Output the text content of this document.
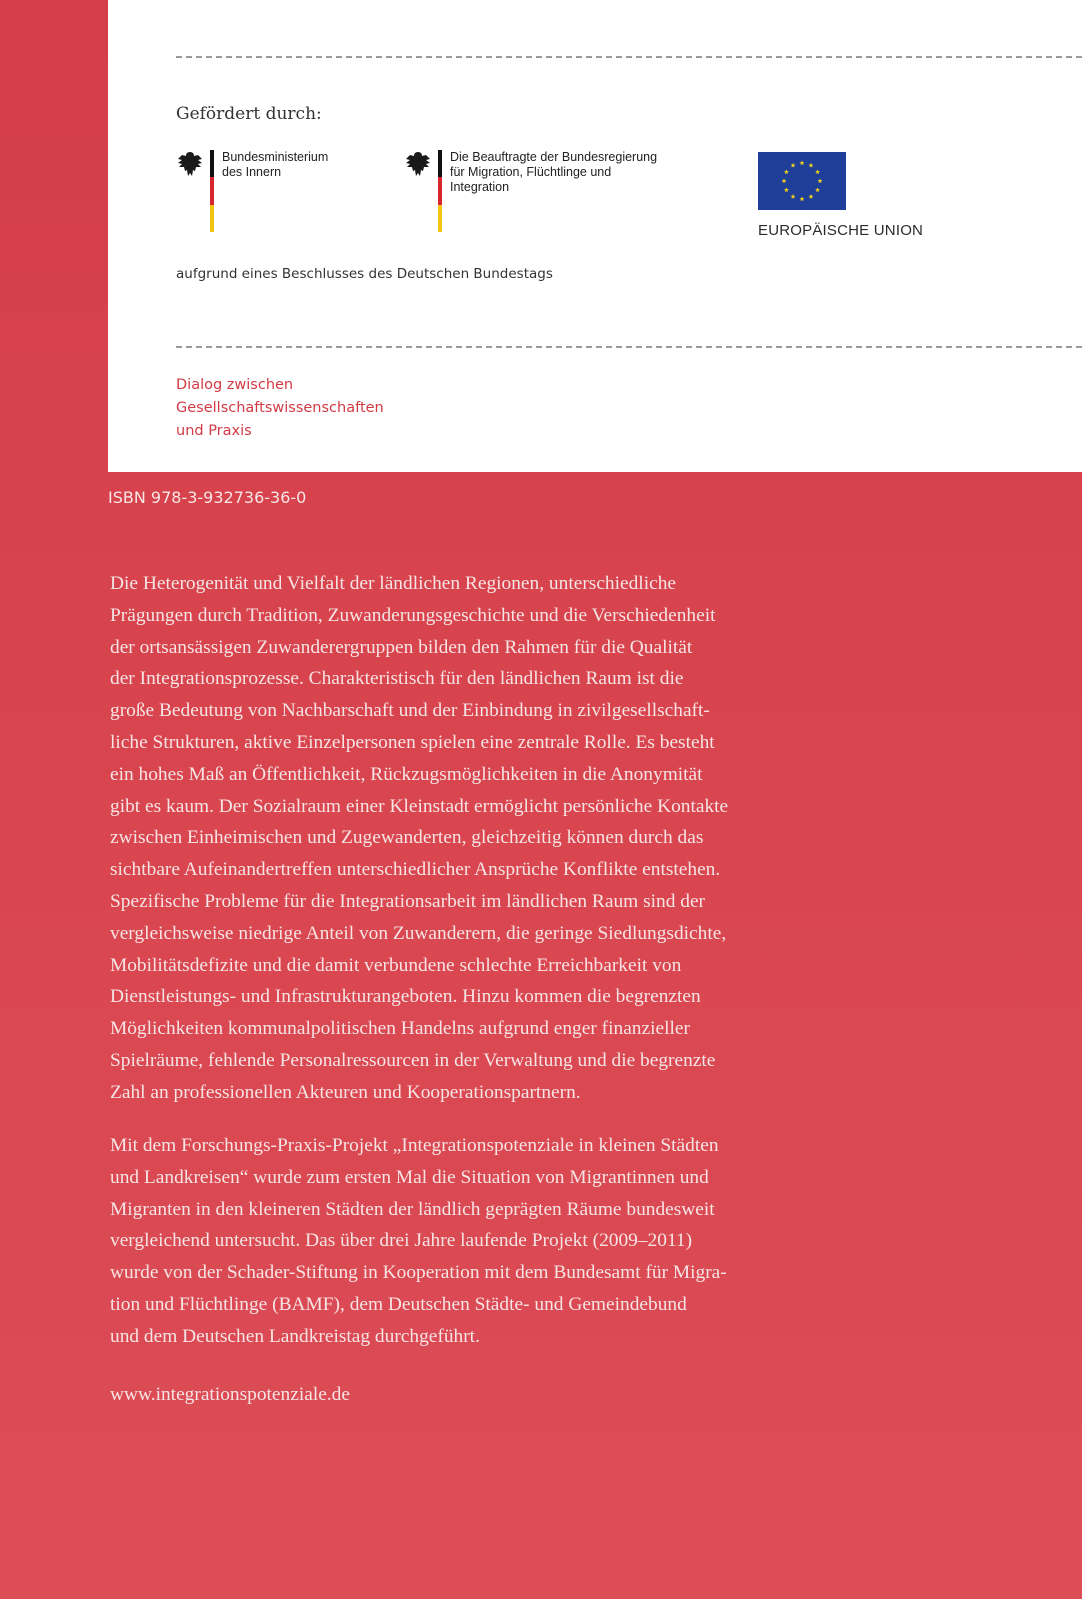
Gefördert durch:
Bundesministerium
des Innern
Die Beauftragte der Bundesregierung
für Migration, Flüchtlinge und
Integration
EUROPÄISCHE UNION
aufgrund eines Beschlusses des Deutschen Bundestags
Dialog zwischen
Gesellschaftswissenschaften
und Praxis
ISBN 978-3-932736-36-0

Die Heterogenität und Vielfalt der ländlichen Regionen, unterschiedliche
Prägungen durch Tradition, Zuwanderungsgeschichte und die Verschiedenheit
der ortsansässigen Zuwanderergruppen bilden den Rahmen für die Qualität
der Integrationsprozesse. Charakteristisch für den ländlichen Raum ist die
große Bedeutung von Nachbarschaft und der Einbindung in zivilgesellschaft-
liche Strukturen, aktive Einzelpersonen spielen eine zentrale Rolle. Es besteht
ein hohes Maß an Öffentlichkeit, Rückzugsmöglichkeiten in die Anonymität
gibt es kaum. Der Sozialraum einer Kleinstadt ermöglicht persönliche Kontakte
zwischen Einheimischen und Zugewanderten, gleichzeitig können durch das
sichtbare Aufeinandertreffen unterschiedlicher Ansprüche Konflikte entstehen.
Spezifische Probleme für die Integrationsarbeit im ländlichen Raum sind der
vergleichsweise niedrige Anteil von Zuwanderern, die geringe Siedlungsdichte,
Mobilitätsdefizite und die damit verbundene schlechte Erreichbarkeit von
Dienstleistungs- und Infrastrukturangeboten. Hinzu kommen die begrenzten
Möglichkeiten kommunalpolitischen Handelns aufgrund enger finanzieller
Spielräume, fehlende Personalressourcen in der Verwaltung und die begrenzte
Zahl an professionellen Akteuren und Kooperationspartnern.

Mit dem Forschungs-Praxis-Projekt „Integrationspotenziale in kleinen Städten
und Landkreisen“ wurde zum ersten Mal die Situation von Migrantinnen und
Migranten in den kleineren Städten der ländlich geprägten Räume bundesweit
vergleichend untersucht. Das über drei Jahre laufende Projekt (2009–2011)
wurde von der Schader-Stiftung in Kooperation mit dem Bundesamt für Migra-
tion und Flüchtlinge (BAMF), dem Deutschen Städte- und Gemeindebund
und dem Deutschen Landkreistag durchgeführt.

www.integrationspotenziale.de
